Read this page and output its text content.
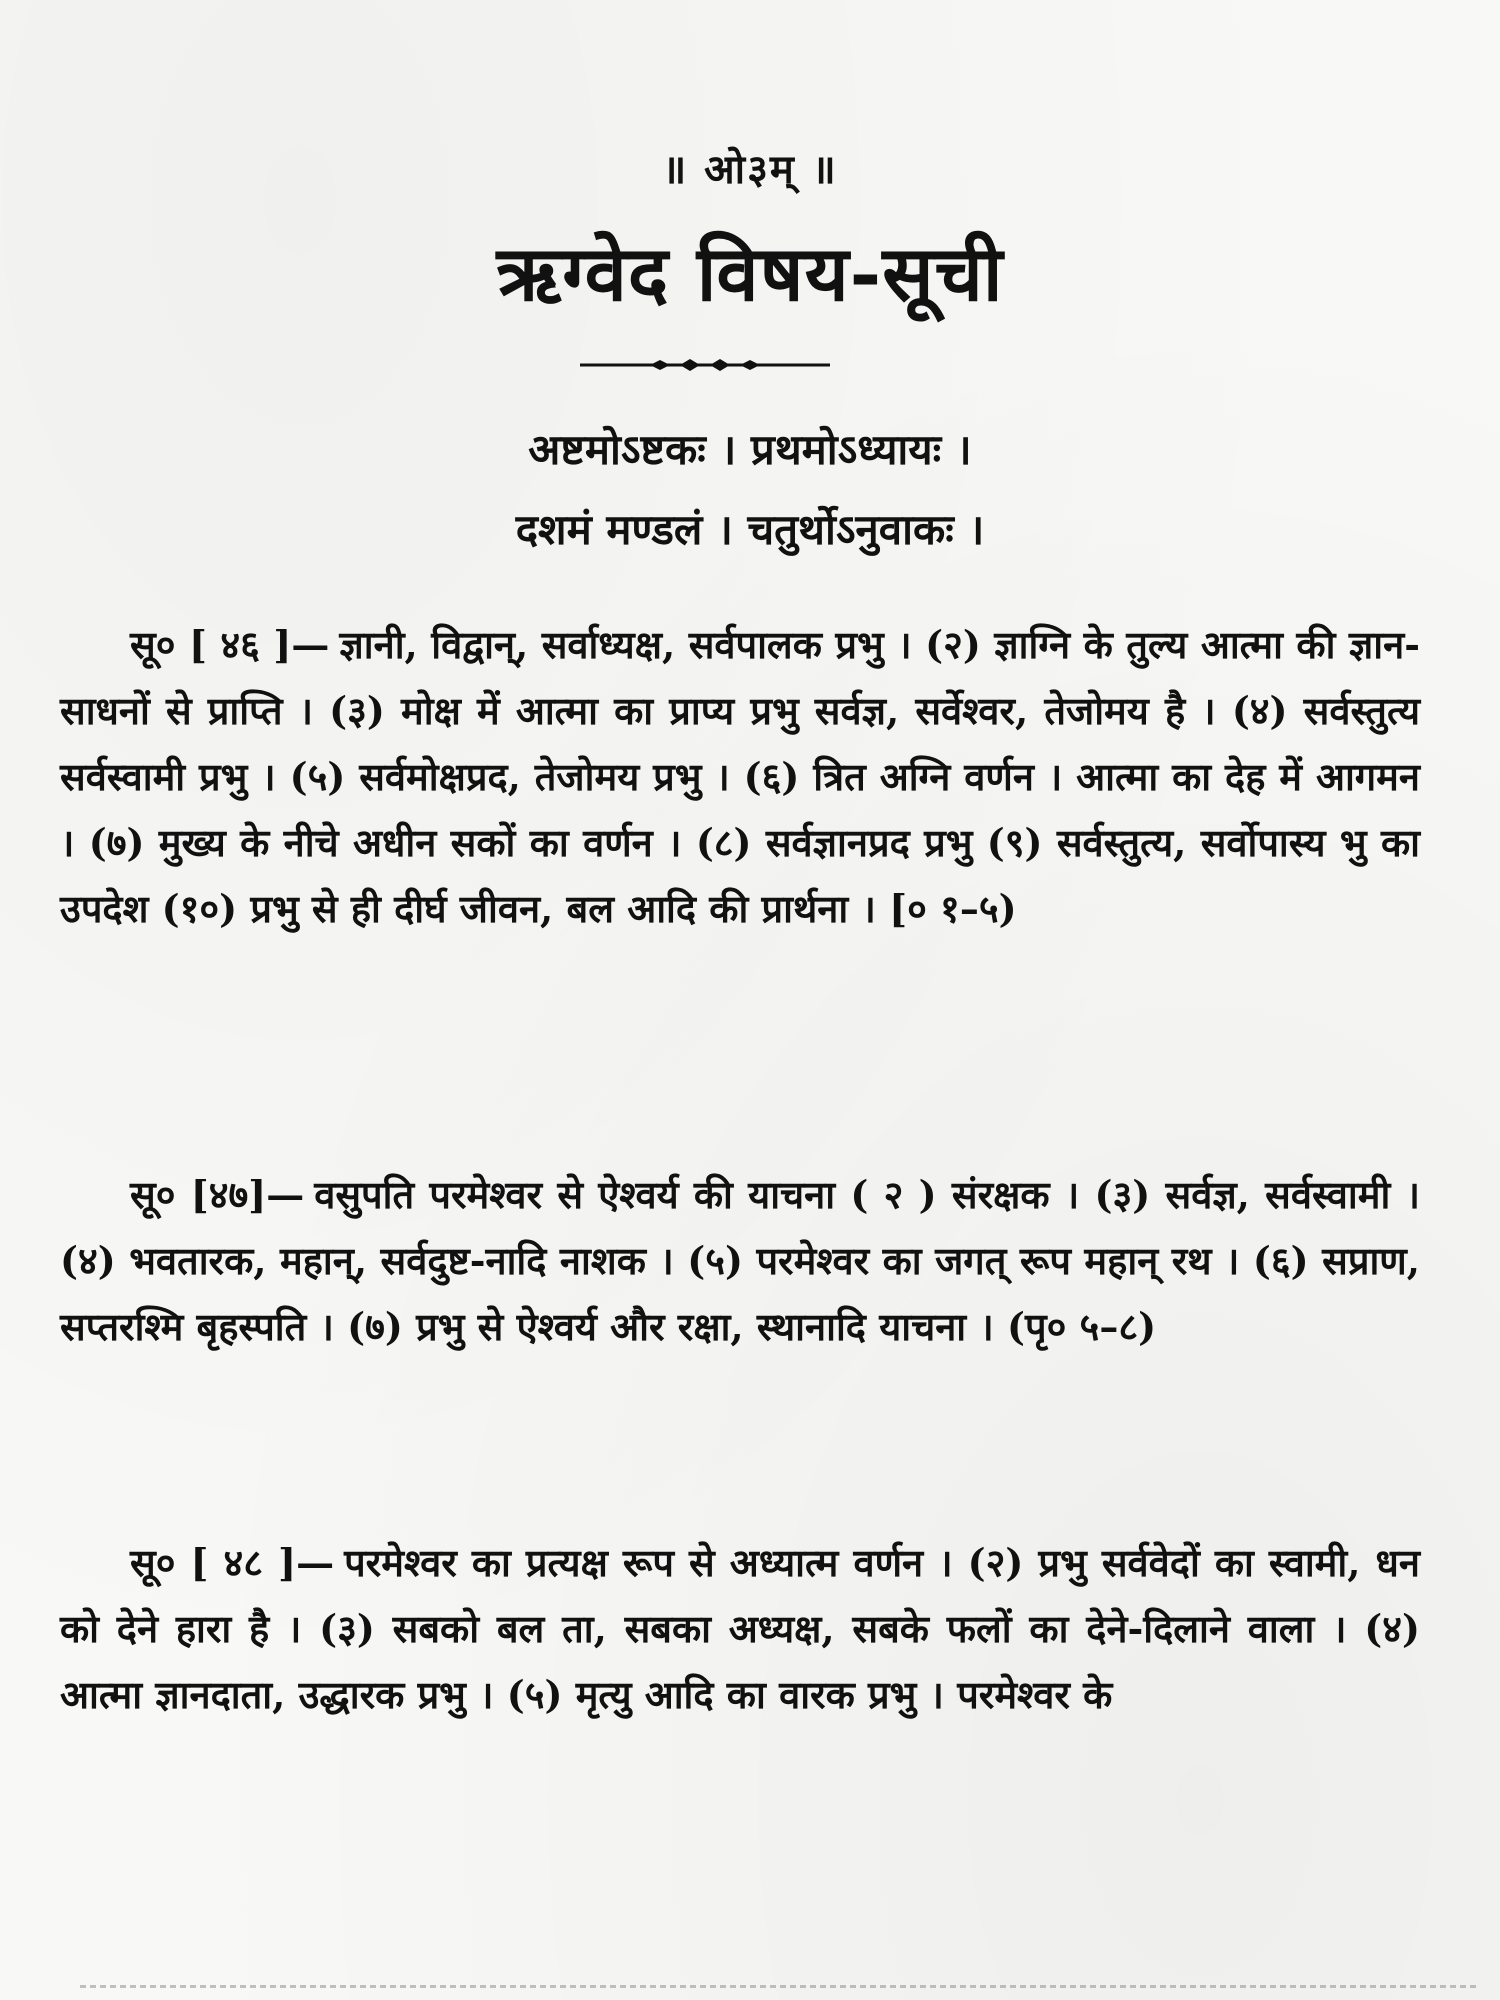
॥ ओ३म् ॥
ऋग्वेद विषय-सूची
अष्टमोऽष्टकः । प्रथमोऽध्यायः ।
दशमं मण्डलं । चतुर्थोऽनुवाकः ।
सू० [ ४६ ]— ज्ञानी, विद्वान्, सर्वाध्यक्ष, सर्वपालक प्रभु । (२) ज्ञाग्नि के तुल्य आत्मा की ज्ञान-साधनों से प्राप्ति । (३) मोक्ष में आत्मा का प्राप्य प्रभु सर्वज्ञ, सर्वेश्वर, तेजोमय है । (४) सर्वस्तुत्य सर्वस्वामी प्रभु । (५) सर्वमोक्षप्रद, तेजोमय प्रभु । (६) त्रित अग्नि वर्णन । आत्मा का देह में आगमन । (७) मुख्य के नीचे अधीन सकों का वर्णन । (८) सर्वज्ञानप्रद प्रभु (९) सर्वस्तुत्य, सर्वोपास्य भु का उपदेश (१०) प्रभु से ही दीर्घ जीवन, बल आदि की प्रार्थना । [० १–५)
सू० [४७]— वसुपति परमेश्वर से ऐश्वर्य की याचना ( २ ) संरक्षक । (३) सर्वज्ञ, सर्वस्वामी । (४) भवतारक, महान्, सर्वदुष्ट-नादि नाशक । (५) परमेश्वर का जगत् रूप महान् रथ । (६) सप्राण, सप्तरश्मि बृहस्पति । (७) प्रभु से ऐश्वर्य और रक्षा, स्थानादि याचना । (पृ० ५–८)
सू० [ ४८ ]— परमेश्वर का प्रत्यक्ष रूप से अध्यात्म वर्णन । (२) प्रभु सर्ववेदों का स्वामी, धन को देने हारा है । (३) सबको बल ता, सबका अध्यक्ष, सबके फलों का देने-दिलाने वाला । (४) आत्मा ज्ञानदाता, उद्धारक प्रभु । (५) मृत्यु आदि का वारक प्रभु । परमेश्वर के
